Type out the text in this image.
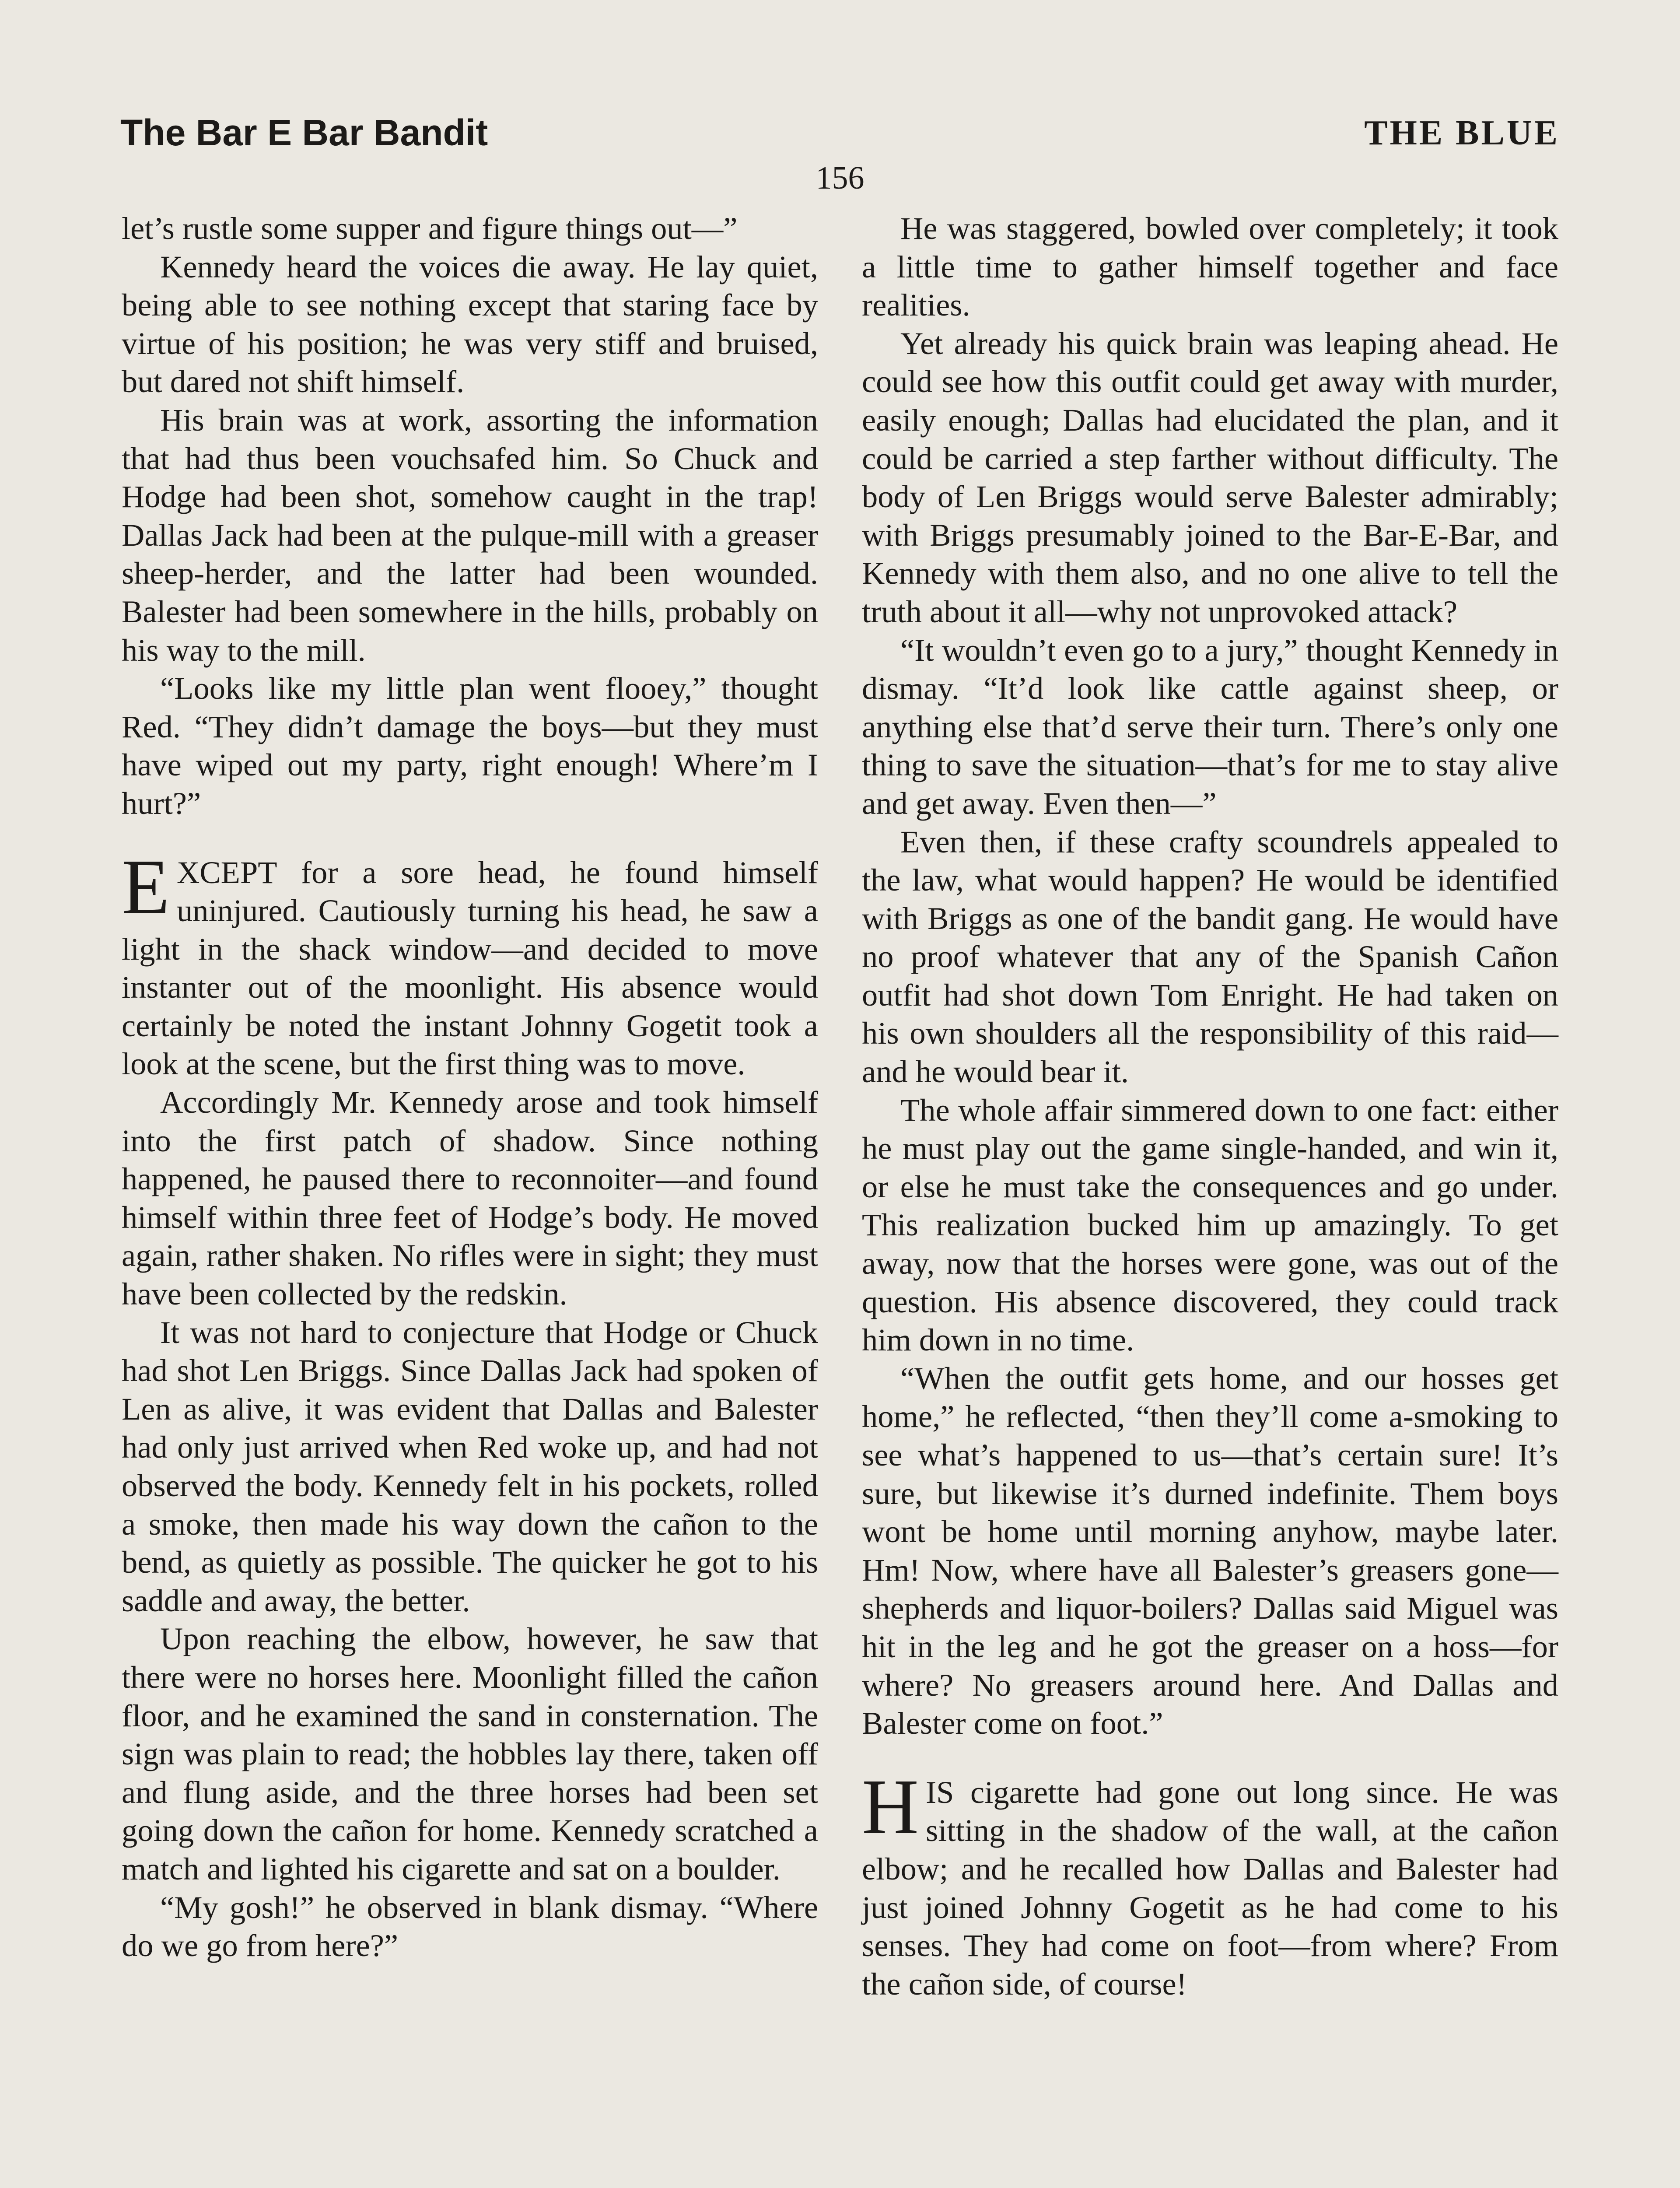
The Bar E Bar Bandit	THE BLUE
156

let’s rustle some supper and figure things out—”

Kennedy heard the voices die away. He lay quiet, being able to see nothing except that staring face by virtue of his position; he was very stiff and bruised, but dared not shift himself.

His brain was at work, assorting the information that had thus been vouchsafed him. So Chuck and Hodge had been shot, somehow caught in the trap! Dallas Jack had been at the pulque-mill with a greaser sheep-herder, and the latter had been wounded. Balester had been somewhere in the hills, probably on his way to the mill.

“Looks like my little plan went flooey,” thought Red. “They didn’t damage the boys—but they must have wiped out my party, right enough! Where’m I hurt?”

EXCEPT for a sore head, he found himself uninjured. Cautiously turning his head, he saw a light in the shack window—and decided to move instanter out of the moonlight. His absence would certainly be noted the instant Johnny Gogetit took a look at the scene, but the first thing was to move.

Accordingly Mr. Kennedy arose and took himself into the first patch of shadow. Since nothing happened, he paused there to reconnoiter—and found himself within three feet of Hodge’s body. He moved again, rather shaken. No rifles were in sight; they must have been collected by the redskin.

It was not hard to conjecture that Hodge or Chuck had shot Len Briggs. Since Dallas Jack had spoken of Len as alive, it was evident that Dallas and Balester had only just arrived when Red woke up, and had not observed the body. Kennedy felt in his pockets, rolled a smoke, then made his way down the cañon to the bend, as quietly as possible. The quicker he got to his saddle and away, the better.

Upon reaching the elbow, however, he saw that there were no horses here. Moonlight filled the cañon floor, and he examined the sand in consternation. The sign was plain to read; the hobbles lay there, taken off and flung aside, and the three horses had been set going down the cañon for home. Kennedy scratched a match and lighted his cigarette and sat on a boulder.

“My gosh!” he observed in blank dismay. “Where do we go from here?”

He was staggered, bowled over completely; it took a little time to gather himself together and face realities.

Yet already his quick brain was leaping ahead. He could see how this outfit could get away with murder, easily enough; Dallas had elucidated the plan, and it could be carried a step farther without difficulty. The body of Len Briggs would serve Balester admirably; with Briggs presumably joined to the Bar-E-Bar, and Kennedy with them also, and no one alive to tell the truth about it all—why not unprovoked attack?

“It wouldn’t even go to a jury,” thought Kennedy in dismay. “It’d look like cattle against sheep, or anything else that’d serve their turn. There’s only one thing to save the situation—that’s for me to stay alive and get away. Even then—”

Even then, if these crafty scoundrels appealed to the law, what would happen? He would be identified with Briggs as one of the bandit gang. He would have no proof whatever that any of the Spanish Cañon outfit had shot down Tom Enright. He had taken on his own shoulders all the responsibility of this raid—and he would bear it.

The whole affair simmered down to one fact: either he must play out the game single-handed, and win it, or else he must take the consequences and go under. This realization bucked him up amazingly. To get away, now that the horses were gone, was out of the question. His absence discovered, they could track him down in no time.

“When the outfit gets home, and our hosses get home,” he reflected, “then they’ll come a-smoking to see what’s happened to us—that’s certain sure! It’s sure, but likewise it’s durned indefinite. Them boys wont be home until morning anyhow, maybe later. Hm! Now, where have all Balester’s greasers gone—shepherds and liquor-boilers? Dallas said Miguel was hit in the leg and he got the greaser on a hoss—for where? No greasers around here. And Dallas and Balester come on foot.”

HIS cigarette had gone out long since. He was sitting in the shadow of the wall, at the cañon elbow; and he recalled how Dallas and Balester had just joined Johnny Gogetit as he had come to his senses. They had come on foot—from where? From the cañon side, of course!
